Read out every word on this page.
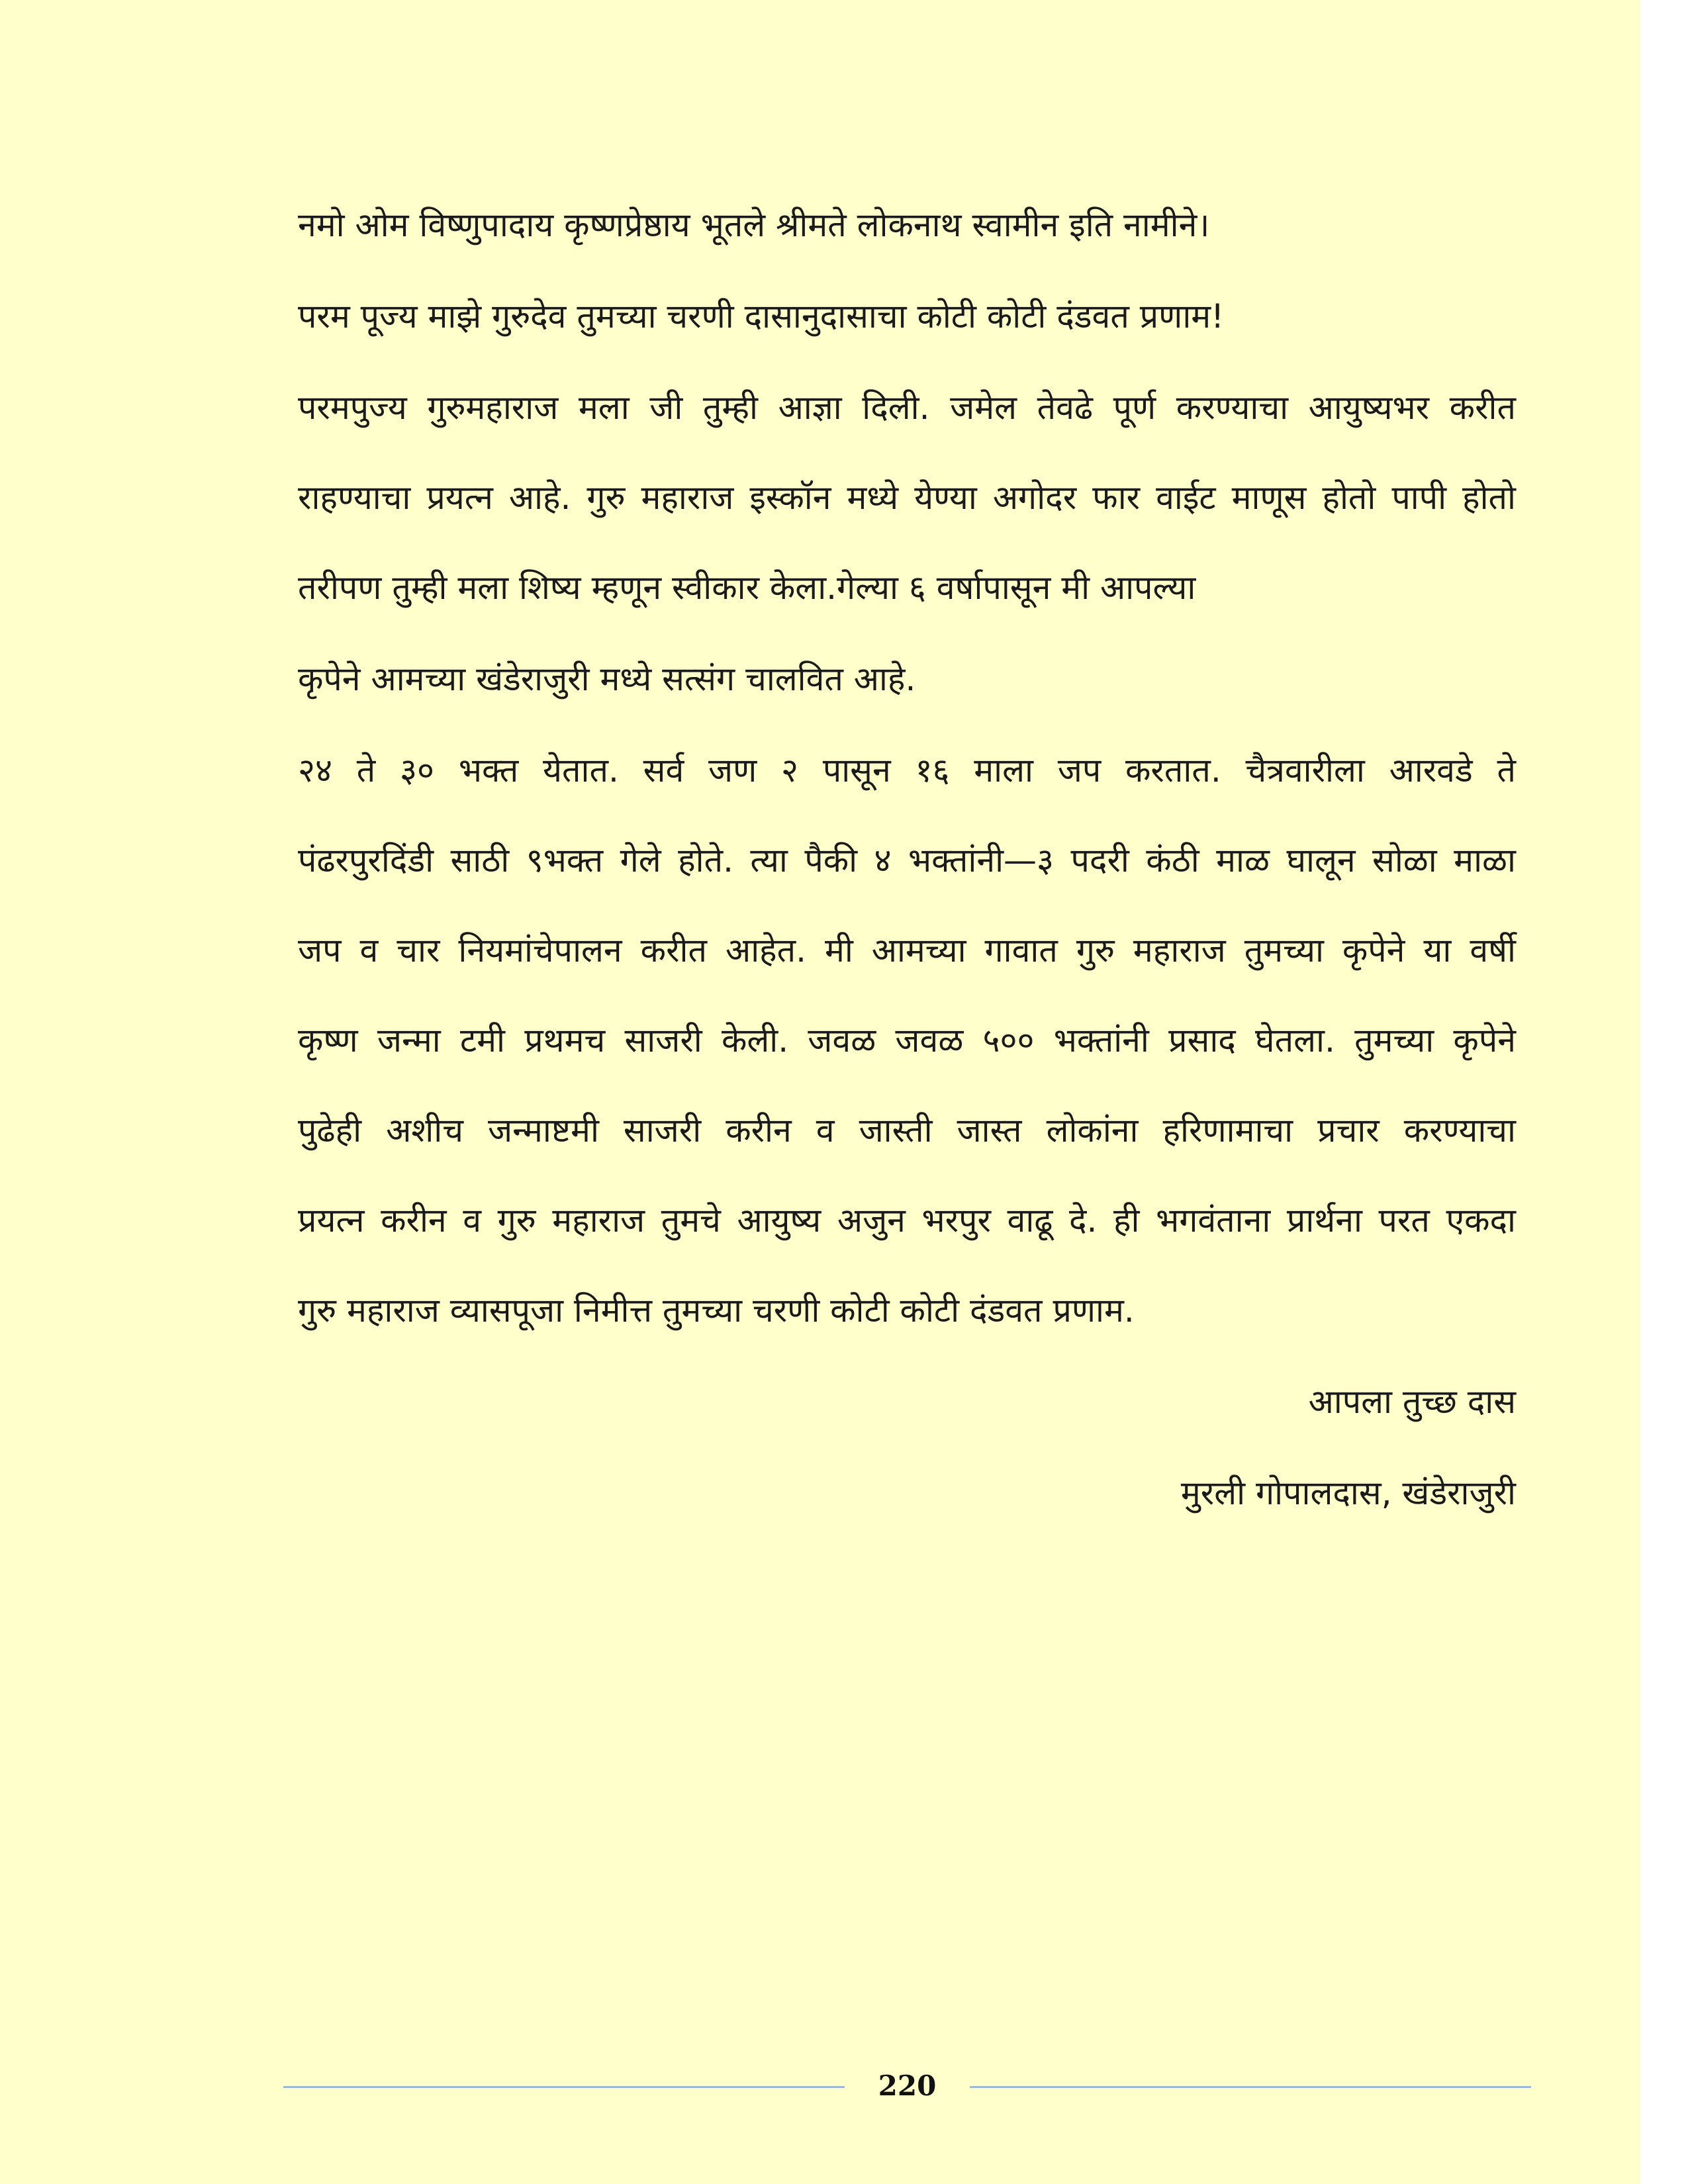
नमो ओम विष्णुपादाय कृष्णप्रेष्ठाय भूतले श्रीमते लोकनाथ स्वामीन इति नामीने।

परम पूज्य माझे गुरुदेव तुमच्या चरणी दासानुदासाचा कोटी कोटी दंडवत प्रणाम!

परमपुज्य गुरुमहाराज मला जी तुम्ही आज्ञा दिली. जमेल तेवढे पूर्ण करण्याचा आयुष्यभर करीत

राहण्याचा प्रयत्न आहे. गुरु महाराज इस्कॉन मध्ये येण्या अगोदर फार वाईट माणूस होतो पापी होतो

तरीपण तुम्ही मला शिष्य म्हणून स्वीकार केला.गेल्या ६ वर्षापासून मी आपल्या

कृपेने आमच्या खंडेराजुरी मध्ये सत्संग चालवित आहे.

२४ ते ३० भक्त येतात. सर्व जण २ पासून १६ माला जप करतात. चैत्रवारीला आरवडे ते

पंढरपुरदिंडी साठी ९भक्त गेले होते. त्या पैकी ४ भक्तांनी—३ पदरी कंठी माळ घालून सोळा माळा

जप व चार नियमांचेपालन करीत आहेत. मी आमच्या गावात गुरु महाराज तुमच्या कृपेने या वर्षी

कृष्ण जन्मा टमी प्रथमच साजरी केली. जवळ जवळ ५०० भक्तांनी प्रसाद घेतला. तुमच्या कृपेने

पुढेही अशीच जन्माष्टमी साजरी करीन व जास्ती जास्त लोकांना हरिणामाचा प्रचार करण्याचा

प्रयत्न करीन व गुरु महाराज तुमचे आयुष्य अजुन भरपुर वाढू दे. ही भगवंताना प्रार्थना परत एकदा

गुरु महाराज व्यासपूजा निमीत्त तुमच्या चरणी कोटी कोटी दंडवत प्रणाम.

आपला तुच्छ दास

मुरली गोपालदास, खंडेराजुरी

220
